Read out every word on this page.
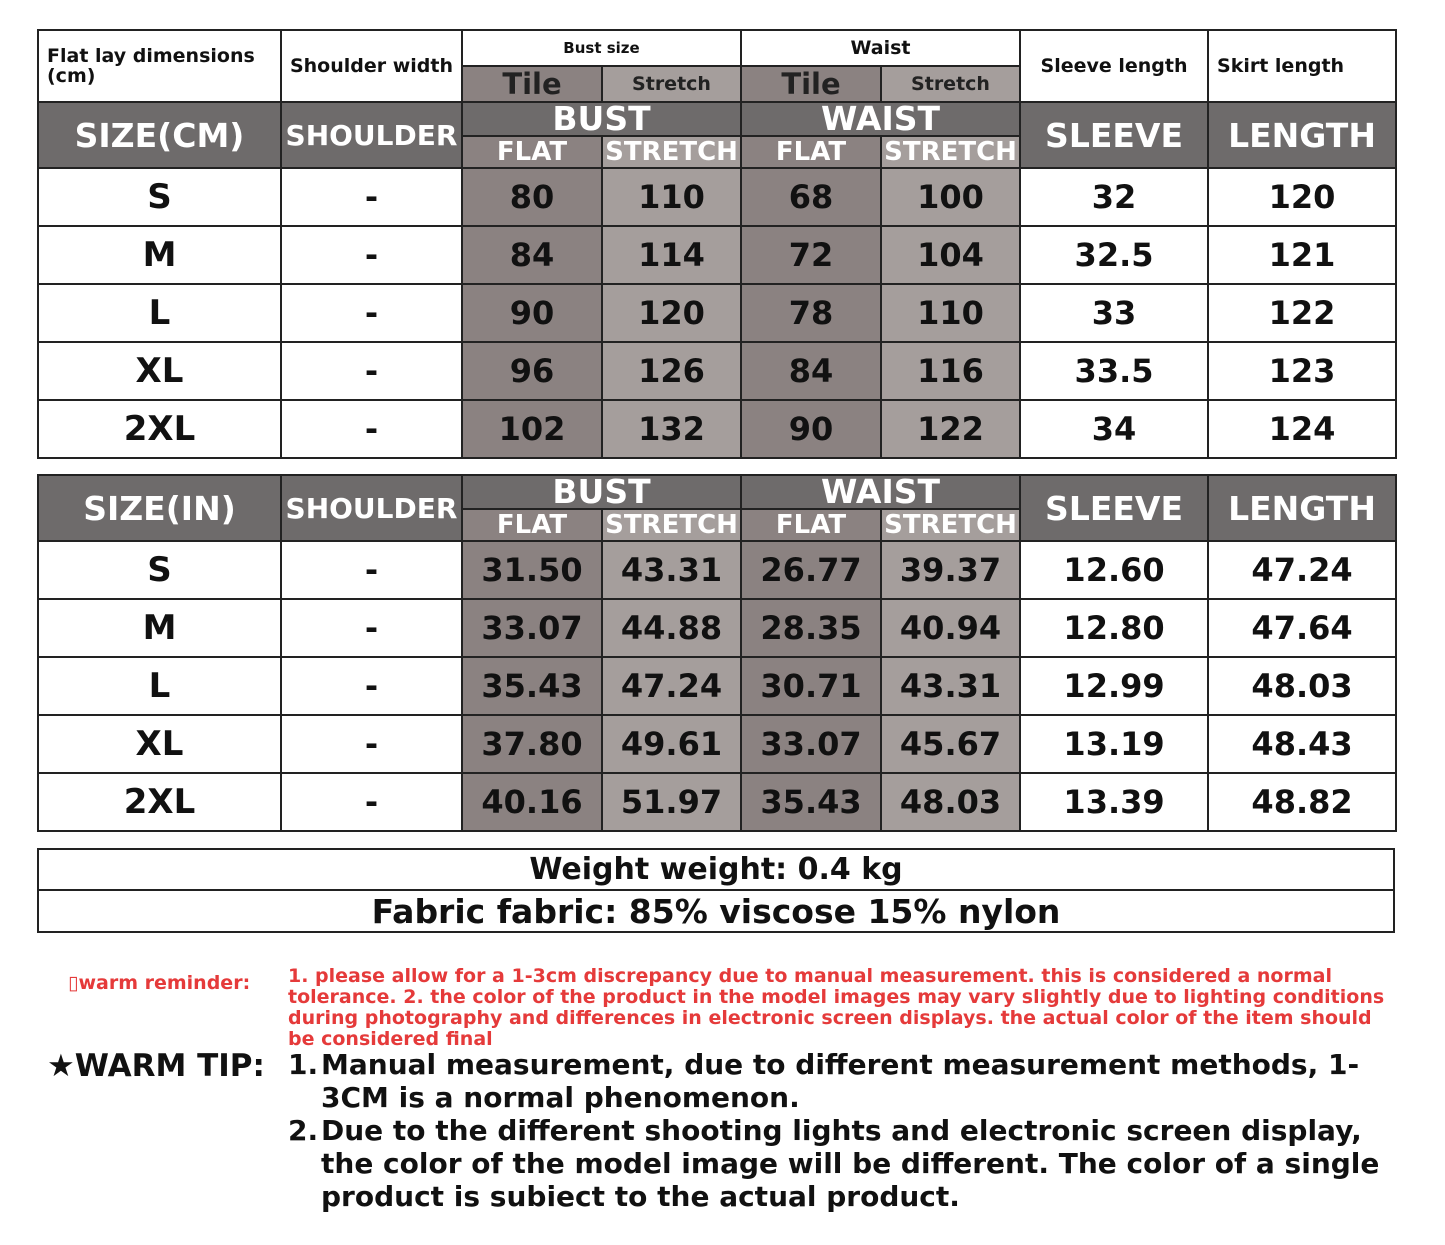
Flat lay dimensions (cm)	Shoulder width	Bust size		Waist		Sleeve length	Skirt length
		Tile	Stretch	Tile	Stretch		
SIZE(CM)	SHOULDER	BUST		WAIST		SLEEVE	LENGTH
		FLAT	STRETCH	FLAT	STRETCH		
S	-	80	110	68	100	32	120
M	-	84	114	72	104	32.5	121
L	-	90	120	78	110	33	122
XL	-	96	126	84	116	33.5	123
2XL	-	102	132	90	122	34	124
SIZE(IN)	SHOULDER	BUST		WAIST		SLEEVE	LENGTH
		FLAT	STRETCH	FLAT	STRETCH		
S	-	31.50	43.31	26.77	39.37	12.60	47.24
M	-	33.07	44.88	28.35	40.94	12.80	47.64
L	-	35.43	47.24	30.71	43.31	12.99	48.03
XL	-	37.80	49.61	33.07	45.67	13.19	48.43
2XL	-	40.16	51.97	35.43	48.03	13.39	48.82
Weight weight: 0.4 kg
Fabric fabric: 85% viscose 15% nylon
▯warm reminder: 1. please allow for a 1-3cm discrepancy due to manual measurement. this is considered a normal tolerance. 2. the color of the product in the model images may vary slightly due to lighting conditions during photography and differences in electronic screen displays. the actual color of the item should be considered final
★WARM TIP: 1. Manual measurement, due to different measurement methods, 1-3CM is a normal phenomenon.
2. Due to the different shooting lights and electronic screen display, the color of the model image will be different. The color of a single product is subiect to the actual product.
